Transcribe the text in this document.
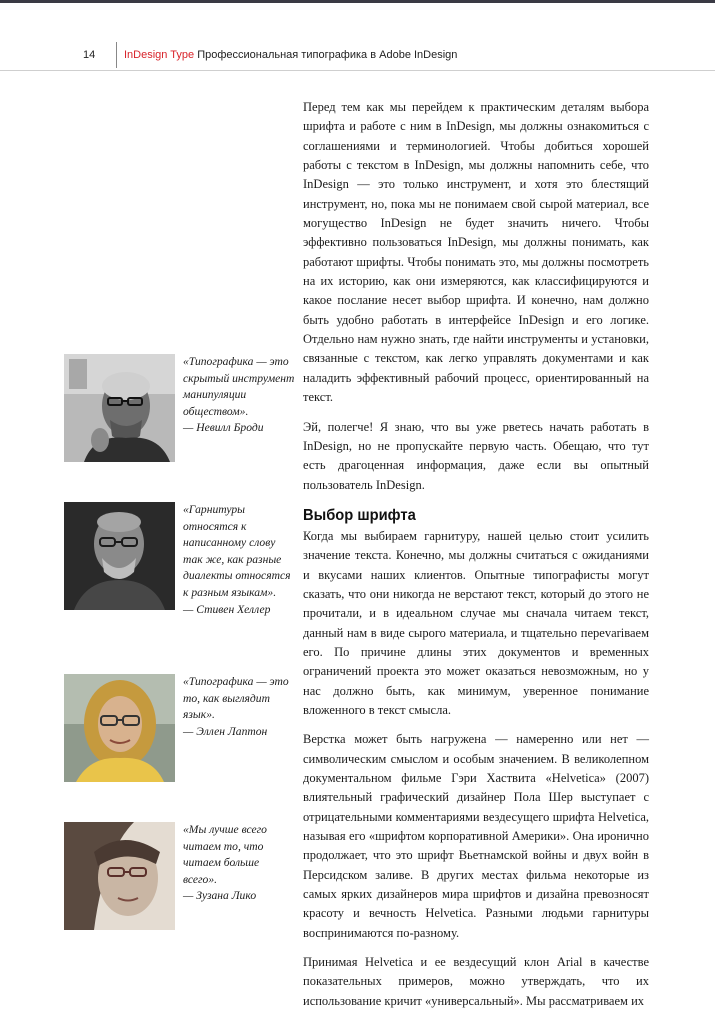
14	InDesign Type Профессиональная типографика в Adobe InDesign

Перед тем как мы перейдем к практическим деталям выбора шрифта и работе с ним в InDesign, мы должны ознакомиться с соглашениями и терминологией. Чтобы добиться хорошей работы с текстом в InDesign, мы должны напомнить себе, что InDesign — это только инструмент, и хотя это блестящий инструмент, но, пока мы не понимаем свой сырой материал, все могущество InDesign не будет значить ничего. Чтобы эффективно пользоваться InDesign, мы должны понимать, как работают шрифты. Чтобы понимать это, мы должны посмотреть на их историю, как они измеряются, как классифицируются и какое послание несет выбор шрифта. И конечно, нам должно быть удобно работать в интерфейсе InDesign и его логике. Отдельно нам нужно знать, где найти инструменты и установки, связанные с текстом, как легко управлять документами и как наладить эффективный рабочий процесс, ориентированный на текст.

Эй, полегче! Я знаю, что вы уже рветесь начать работать в InDesign, но не пропускайте первую часть. Обещаю, что тут есть драгоценная информация, даже если вы опытный пользователь InDesign.

Выбор шрифта

Когда мы выбираем гарнитуру, нашей целью стоит усилить значение текста. Конечно, мы должны считаться с ожиданиями и вкусами наших клиентов. Опытные типографисты могут сказать, что они никогда не верстают текст, который до этого не прочитали, и в идеальном случае мы сначала читаем текст, данный нам в виде сырого материала, и тщательно переvariваем его. По причине длины этих документов и временных ограничений проекта это может оказаться невозможным, но у нас должно быть, как минимум, уверенное понимание вложенного в текст смысла.

Верстка может быть нагружена — намеренно или нет — символическим смыслом и особым значением. В великолепном документальном фильме Гэри Хаствита «Helvetica» (2007) влиятельный графический дизайнер Пола Шер выступает с отрицательными комментариями вездесущего шрифта Helvetica, называя его «шрифтом корпоративной Америки». Она иронично продолжает, что это шрифт Вьетнамской войны и двух войн в Персидском заливе. В других местах фильма некоторые из самых ярких дизайнеров мира шрифтов и дизайна превозносят красоту и вечность Helvetica. Разными людьми гарнитуры воспринимаются по-разному.

Принимая Helvetica и ее вездесущий клон Arial в качестве показательных примеров, можно утверждать, что их использование кричит «универсальный». Мы рассматриваем их

«Типографика — это скрытый инструмент манипуляции обществом».
— Невилл Броди
«Гарнитуры относятся к написанному слову так же, как разные диалекты относятся к разным языкам».
— Стивен Хеллер
«Типографика — это то, как выглядит язык».
— Эллен Лаптон
«Мы лучше всего читаем то, что читаем больше всего».
— Зузана Лико
